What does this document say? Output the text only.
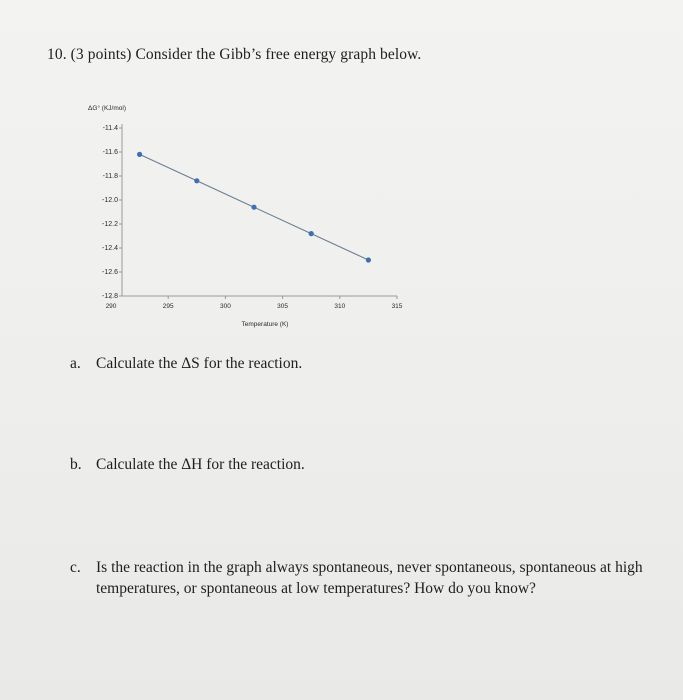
10. (3 points) Consider the Gibb’s free energy graph below.
-11.4
-11.6
-11.8
-12.0
-12.2
-12.4
-12.6
-12.8
290	295	300	305	310	315
ΔG° (KJ/mol)
Temperature (K)
a. Calculate the ΔS for the reaction.
b. Calculate the ΔH for the reaction.
c. Is the reaction in the graph always spontaneous, never spontaneous, spontaneous at high temperatures, or spontaneous at low temperatures? How do you know?
